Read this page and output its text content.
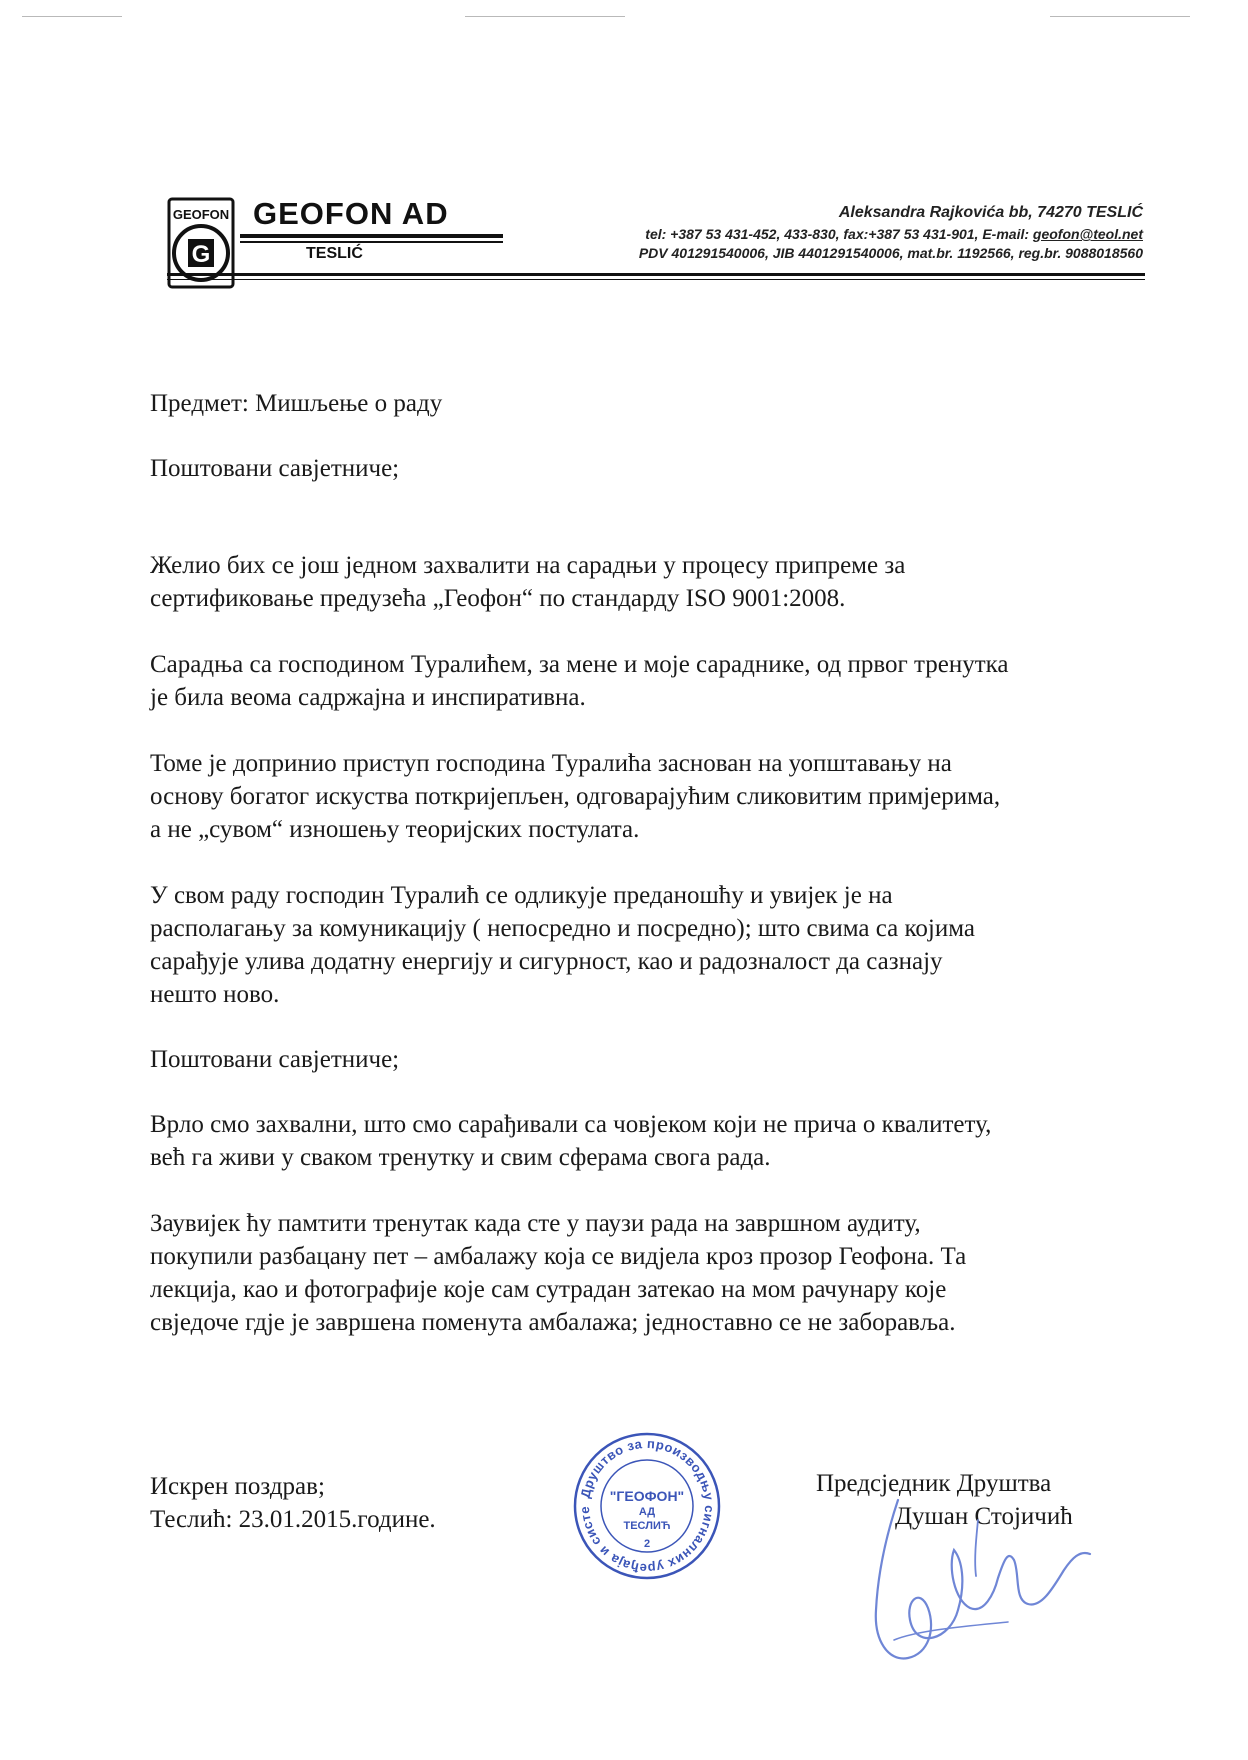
GEOFON
G
GEOFON AD
TESLIĆ
Aleksandra Rajkovića bb, 74270 TESLIĆ
tel: +387 53 431-452, 433-830, fax:+387 53 431-901, E-mail: geofon@teol.net
PDV 401291540006, JIB 4401291540006, mat.br. 1192566, reg.br. 9088018560
Предмет: Мишљење о раду
Поштовани савјетниче;
Желио бих се још једном захвалити на сарадњи у процесу припреме за
сертификовање предузећа „Геофон“ по стандарду ISO 9001:2008.
Сарадња са господином Туралићем, за мене и моје сараднике, од првог тренутка
је била веома садржајна и инспиративна.
Томе је допринио приступ господина Туралића заснован на уопштавању на
основу богатог искуства поткријепљен, одговарајућим сликовитим примјерима,
а не „сувом“ изношењу теоријских постулата.
У свом раду господин Туралић се одликује преданошћу и увијек је на
располагању за комуникацију ( непосредно и посредно); што свима са којима
сарађује улива додатну енергију и сигурност, као и радозналост да сазнају
нешто ново.
Поштовани савјетниче;
Врло смо захвални, што смо сарађивали са човјеком који не прича о квалитету,
већ га живи у сваком тренутку и свим сферама свога рада.
Заувијек ћу памтити тренутак када сте у паузи рада на завршном аудиту,
покупили разбацану пет – амбалажу која се видјела кроз прозор Геофона. Та
лекција, као и фотографије које сам сутрадан затекао на мом рачунару које
свједоче гдје је завршена поменута амбалажа; једноставно се не заборавља.
Искрен поздрав;
Теслић: 23.01.2015.године.
Друштво за производњу сигналних уређаја и систе
"ГЕОФОН"
АД
ТЕСЛИЋ
2
Предсједник Друштва
Душан Стојичић
